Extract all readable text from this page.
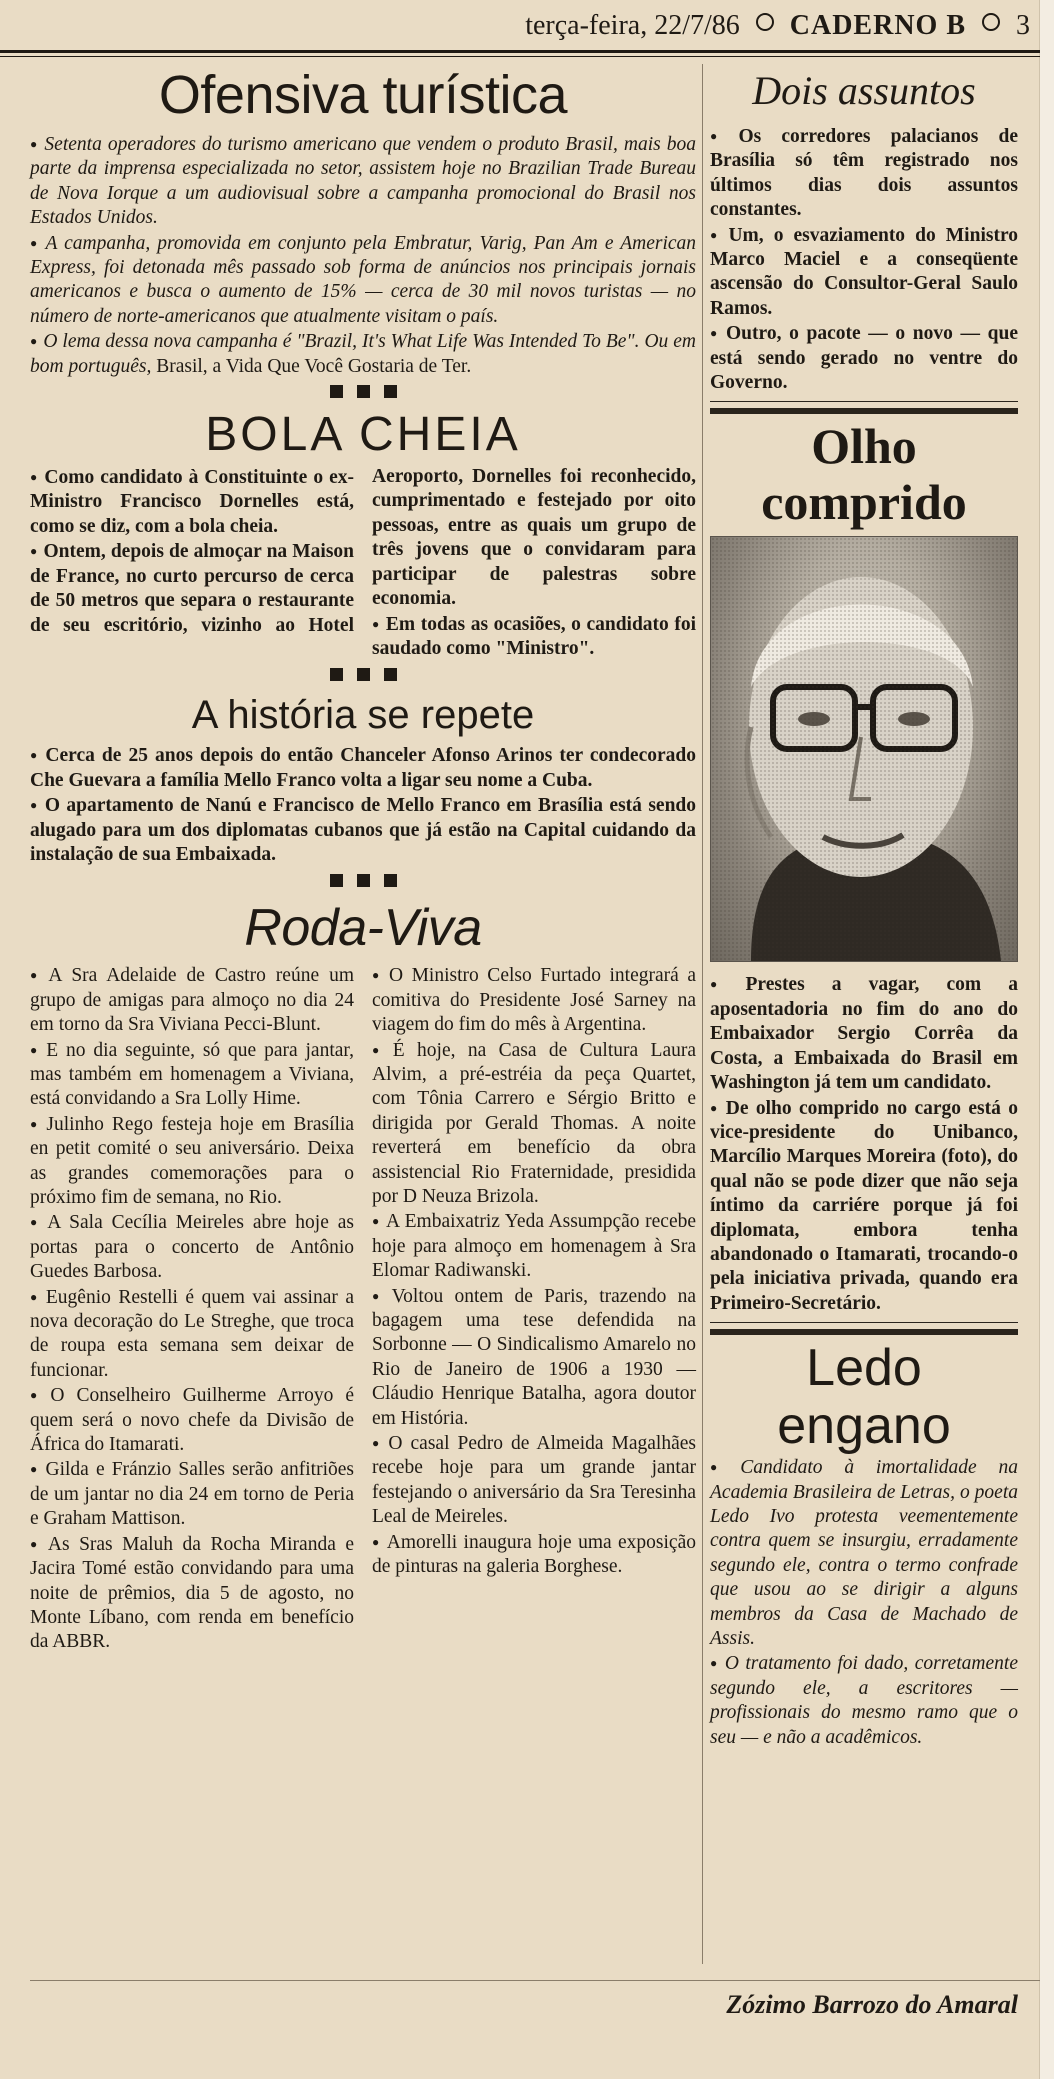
terça-feira, 22/7/86 CADERNO B 3
Ofensiva turística

● Setenta operadores do turismo americano que vendem o produto Brasil, mais boa parte da imprensa especializada no setor, assistem hoje no Brazilian Trade Bureau de Nova Iorque a um audiovisual sobre a campanha promocional do Brasil nos Estados Unidos.

● A campanha, promovida em conjunto pela Embratur, Varig, Pan Am e American Express, foi detonada mês passado sob forma de anúncios nos principais jornais americanos e busca o aumento de 15% — cerca de 30 mil novos turistas — no número de norte-americanos que atualmente visitam o país.

● O lema dessa nova campanha é "Brazil, It's What Life Was Intended To Be". Ou em bom português, Brasil, a Vida Que Você Gostaria de Ter.

BOLA CHEIA

● Como candidato à Constituinte o ex-Ministro Francisco Dornelles está, como se diz, com a bola cheia.

● Ontem, depois de almoçar na Maison de France, no curto percurso de cerca de 50 metros que separa o restaurante de seu escritório, vizinho ao Hotel Aeroporto, Dornelles foi reconhecido, cumprimentado e festejado por oito pessoas, entre as quais um grupo de três jovens que o convidaram para participar de palestras sobre economia.

● Em todas as ocasiões, o candidato foi saudado como "Ministro".

A história se repete

● Cerca de 25 anos depois do então Chanceler Afonso Arinos ter condecorado Che Guevara a família Mello Franco volta a ligar seu nome a Cuba.

● O apartamento de Nanú e Francisco de Mello Franco em Brasília está sendo alugado para um dos diplomatas cubanos que já estão na Capital cuidando da instalação de sua Embaixada.

Roda-Viva

● A Sra Adelaide de Castro reúne um grupo de amigas para almoço no dia 24 em torno da Sra Viviana Pecci-Blunt.

● E no dia seguinte, só que para jantar, mas também em homenagem a Viviana, está convidando a Sra Lolly Hime.

● Julinho Rego festeja hoje em Brasília en petit comité o seu aniversário. Deixa as grandes comemorações para o próximo fim de semana, no Rio.

● A Sala Cecília Meireles abre hoje as portas para o concerto de Antônio Guedes Barbosa.

● Eugênio Restelli é quem vai assinar a nova decoração do Le Streghe, que troca de roupa esta semana sem deixar de funcionar.

● O Conselheiro Guilherme Arroyo é quem será o novo chefe da Divisão de África do Itamarati.

● Gilda e Fránzio Salles serão anfitriões de um jantar no dia 24 em torno de Peria e Graham Mattison.

● As Sras Maluh da Rocha Miranda e Jacira Tomé estão convidando para uma noite de prêmios, dia 5 de agosto, no Monte Líbano, com renda em benefício da ABBR.

● O Ministro Celso Furtado integrará a comitiva do Presidente José Sarney na viagem do fim do mês à Argentina.

● É hoje, na Casa de Cultura Laura Alvim, a pré-estréia da peça Quartet, com Tônia Carrero e Sérgio Britto e dirigida por Gerald Thomas. A noite reverterá em benefício da obra assistencial Rio Fraternidade, presidida por D Neuza Brizola.

● A Embaixatriz Yeda Assumpção recebe hoje para almoço em homenagem à Sra Elomar Radiwanski.

● Voltou ontem de Paris, trazendo na bagagem uma tese defendida na Sorbonne — O Sindicalismo Amarelo no Rio de Janeiro de 1906 a 1930 — Cláudio Henrique Batalha, agora doutor em História.

● O casal Pedro de Almeida Magalhães recebe hoje para um grande jantar festejando o aniversário da Sra Teresinha Leal de Meireles.

● Amorelli inaugura hoje uma exposição de pinturas na galeria Borghese.

Dois assuntos

● Os corredores palacianos de Brasília só têm registrado nos últimos dias dois assuntos constantes.

● Um, o esvaziamento do Ministro Marco Maciel e a conseqüente ascensão do Consultor-Geral Saulo Ramos.

● Outro, o pacote — o novo — que está sendo gerado no ventre do Governo.

Olho
comprido

● Prestes a vagar, com a aposentadoria no fim do ano do Embaixador Sergio Corrêa da Costa, a Embaixada do Brasil em Washington já tem um candidato.

● De olho comprido no cargo está o vice-presidente do Unibanco, Marcílio Marques Moreira (foto), do qual não se pode dizer que não seja íntimo da carriére porque já foi diplomata, embora tenha abandonado o Itamarati, trocando-o pela iniciativa privada, quando era Primeiro-Secretário.

Ledo
engano

● Candidato à imortalidade na Academia Brasileira de Letras, o poeta Ledo Ivo protesta veementemente contra quem se insurgiu, erradamente segundo ele, contra o termo confrade que usou ao se dirigir a alguns membros da Casa de Machado de Assis.

● O tratamento foi dado, corretamente segundo ele, a escritores — profissionais do mesmo ramo que o seu — e não a acadêmicos.

Zózimo Barrozo do Amaral
